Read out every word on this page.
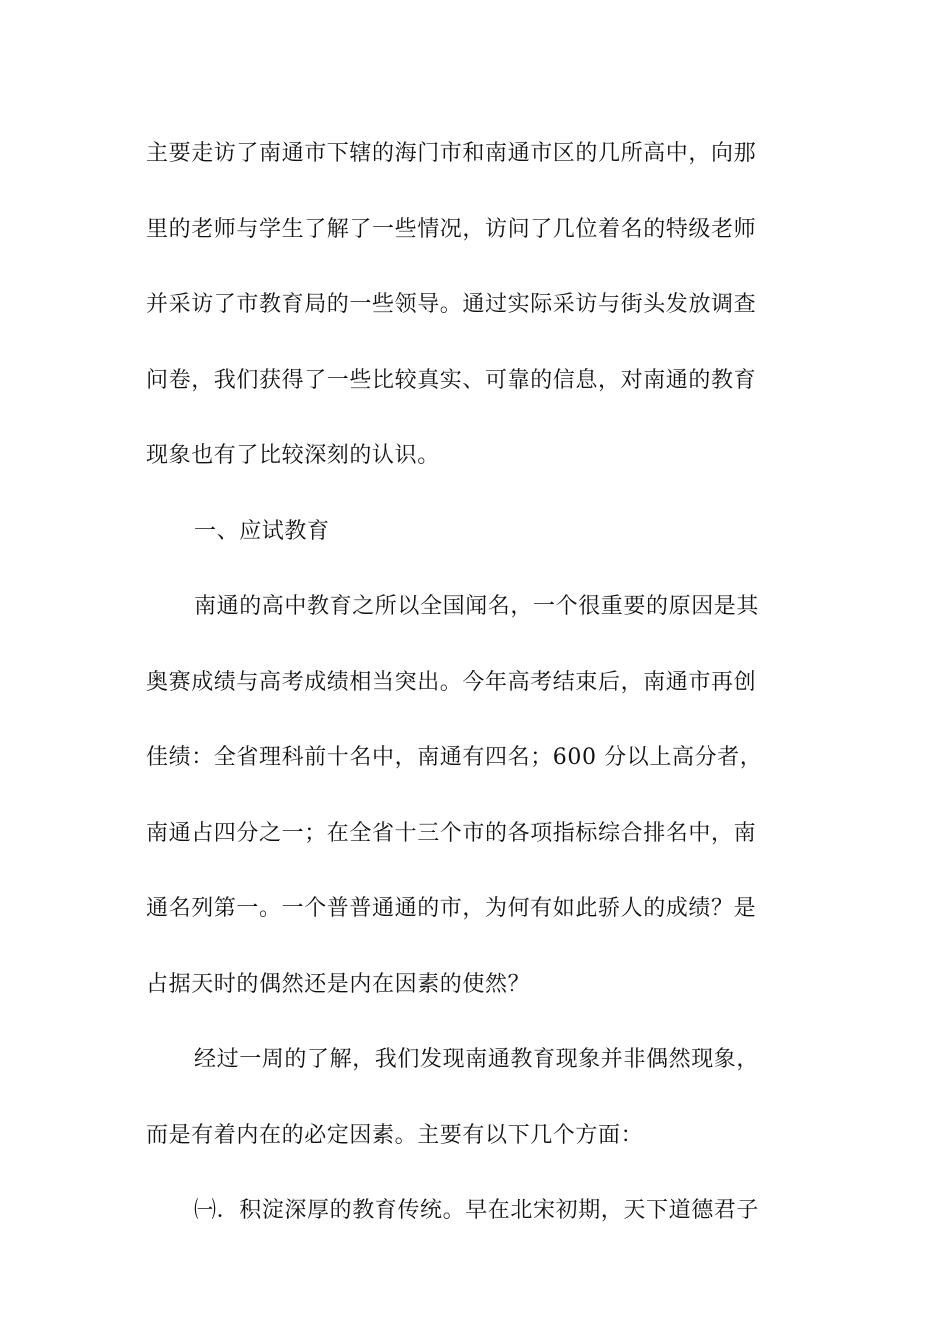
主要走访了南通市下辖的海门市和南通市区的几所高中，向那
里的老师与学生了解了一些情况，访问了几位着名的特级老师
并采访了市教育局的一些领导。通过实际采访与街头发放调查
问卷，我们获得了一些比较真实、可靠的信息，对南通的教育
现象也有了比较深刻的认识。
一、应试教育
南通的高中教育之所以全国闻名，一个很重要的原因是其
奥赛成绩与高考成绩相当突出。今年高考结束后，南通市再创
佳绩：全省理科前十名中，南通有四名；600 分以上高分者，
南通占四分之一；在全省十三个市的各项指标综合排名中，南
通名列第一。一个普普通通的市，为何有如此骄人的成绩？是
占据天时的偶然还是内在因素的使然？
经过一周的了解，我们发现南通教育现象并非偶然现象，
而是有着内在的必定因素。主要有以下几个方面：
㈠．积淀深厚的教育传统。早在北宋初期，天下道德君子
